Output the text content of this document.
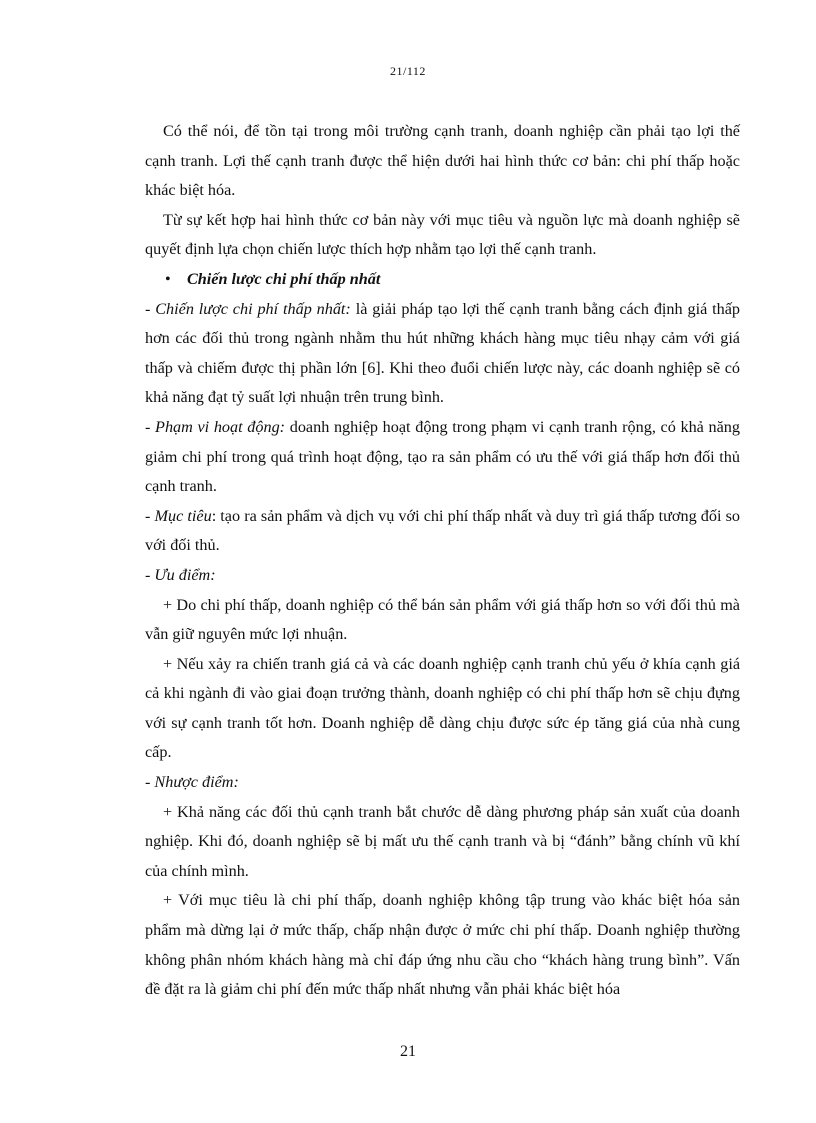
21/112

Có thể nói, để tồn tại trong môi trường cạnh tranh, doanh nghiệp cần phải tạo lợi thế cạnh tranh. Lợi thế cạnh tranh được thể hiện dưới hai hình thức cơ bản: chi phí thấp hoặc khác biệt hóa.

Từ sự kết hợp hai hình thức cơ bản này với mục tiêu và nguồn lực mà doanh nghiệp sẽ quyết định lựa chọn chiến lược thích hợp nhằm tạo lợi thế cạnh tranh.

• Chiến lược chi phí thấp nhất

- Chiến lược chi phí thấp nhất: là giải pháp tạo lợi thế cạnh tranh bằng cách định giá thấp hơn các đối thủ trong ngành nhằm thu hút những khách hàng mục tiêu nhạy cảm với giá thấp và chiếm được thị phần lớn [6]. Khi theo đuổi chiến lược này, các doanh nghiệp sẽ có khả năng đạt tỷ suất lợi nhuận trên trung bình.

- Phạm vi hoạt động: doanh nghiệp hoạt động trong phạm vi cạnh tranh rộng, có khả năng giảm chi phí trong quá trình hoạt động, tạo ra sản phẩm có ưu thế với giá thấp hơn đối thủ cạnh tranh.

- Mục tiêu: tạo ra sản phẩm và dịch vụ với chi phí thấp nhất và duy trì giá thấp tương đối so với đối thủ.

- Ưu điểm:

+ Do chi phí thấp, doanh nghiệp có thể bán sản phẩm với giá thấp hơn so với đối thủ mà vẫn giữ nguyên mức lợi nhuận.

+ Nếu xảy ra chiến tranh giá cả và các doanh nghiệp cạnh tranh chủ yếu ở khía cạnh giá cả khi ngành đi vào giai đoạn trưởng thành, doanh nghiệp có chi phí thấp hơn sẽ chịu đựng với sự cạnh tranh tốt hơn. Doanh nghiệp dễ dàng chịu được sức ép tăng giá của nhà cung cấp.

- Nhược điểm:

+ Khả năng các đối thủ cạnh tranh bắt chước dễ dàng phương pháp sản xuất của doanh nghiệp. Khi đó, doanh nghiệp sẽ bị mất ưu thế cạnh tranh và bị “đánh” bằng chính vũ khí của chính mình.

+ Với mục tiêu là chi phí thấp, doanh nghiệp không tập trung vào khác biệt hóa sản phẩm mà dừng lại ở mức thấp, chấp nhận được ở mức chi phí thấp. Doanh nghiệp thường không phân nhóm khách hàng mà chỉ đáp ứng nhu cầu cho “khách hàng trung bình”. Vấn đề đặt ra là giảm chi phí đến mức thấp nhất nhưng vẫn phải khác biệt hóa

21
